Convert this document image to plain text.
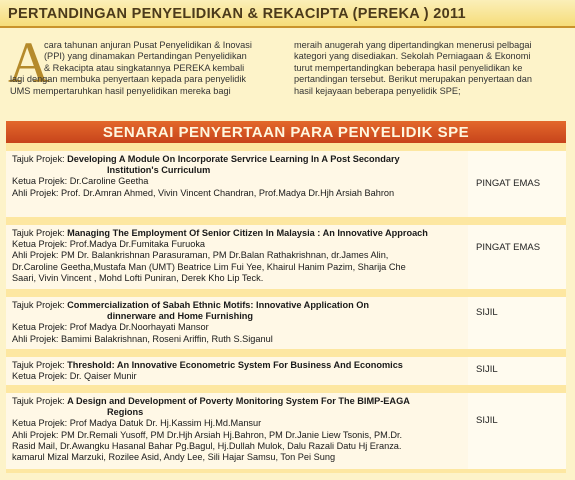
PERTANDINGAN PENYELIDIKAN & REKACIPTA (PEREKA ) 2011
A
cara tahunan anjuran Pusat Penyelidikan & Inovasi
(PPI) yang dinamakan Pertandingan Penyelidikan
& Rekacipta atau singkatannya PEREKA kembali
lagi dengan membuka penyertaan kepada para penyelidik
UMS mempertaruhkan hasil penyelidikan mereka bagi
meraih anugerah yang dipertandingkan menerusi pelbagai
kategori yang disediakan. Sekolah Perniagaan & Ekonomi
turut mempertandingkan beberapa hasil penyelidikan ke
pertandingan tersebut. Berikut merupakan penyertaan dan
hasil kejayaan beberapa penyelidik SPE;
SENARAI PENYERTAAN PARA PENYELIDIK SPE
Tajuk Projek: Developing A Module On Incorporate Servrice Learning In A Post Secondary
Institution's Curriculum
Ketua Projek: Dr.Caroline Geetha
Ahli Projek: Prof. Dr.Amran Ahmed, Vivin Vincent Chandran, Prof.Madya Dr.Hjh Arsiah Bahron
PINGAT EMAS
Tajuk Projek: Managing The Employment Of Senior Citizen In Malaysia : An Innovative Approach
Ketua Projek: Prof.Madya Dr.Fumitaka Furuoka
Ahli Projek: PM Dr. Balankrishnan Parasuraman, PM Dr.Balan Rathakrishnan, dr.James Alin,
Dr.Caroline Geetha,Mustafa Man (UMT) Beatrice Lim Fui Yee, Khairul Hanim Pazim, Sharija Che
Saari, Vivin Vincent , Mohd Lofti Puniran, Derek Kho Lip Teck.
PINGAT EMAS
Tajuk Projek: Commercialization of Sabah Ethnic Motifs: Innovative Application On
dinnerware and Home Furnishing
Ketua Projek: Prof Madya Dr.Noorhayati Mansor
Ahli Projek: Bamimi Balakrishnan, Roseni Ariffin, Ruth S.Siganul
SIJIL
Tajuk Projek: Threshold: An Innovative Econometric System For Business And Economics
Ketua Projek: Dr. Qaiser Munir
SIJIL
Tajuk Projek: A Design and Development of Poverty Monitoring System For The BIMP-EAGA
Regions
Ketua Projek: Prof Madya Datuk Dr. Hj.Kassim Hj.Md.Mansur
Ahli Projek: PM Dr.Remali Yusoff, PM Dr.Hjh Arsiah Hj.Bahron, PM Dr.Janie Liew Tsonis, PM.Dr.
Rasid Mail, Dr.Awangku Hasanal Bahar Pg.Bagul, Hj.Dullah Mulok, Dalu Razali Datu Hj Eranza.
kamarul Mizal Marzuki, Rozilee Asid, Andy Lee, Sili Hajar Samsu, Ton Pei Sung
SIJIL
